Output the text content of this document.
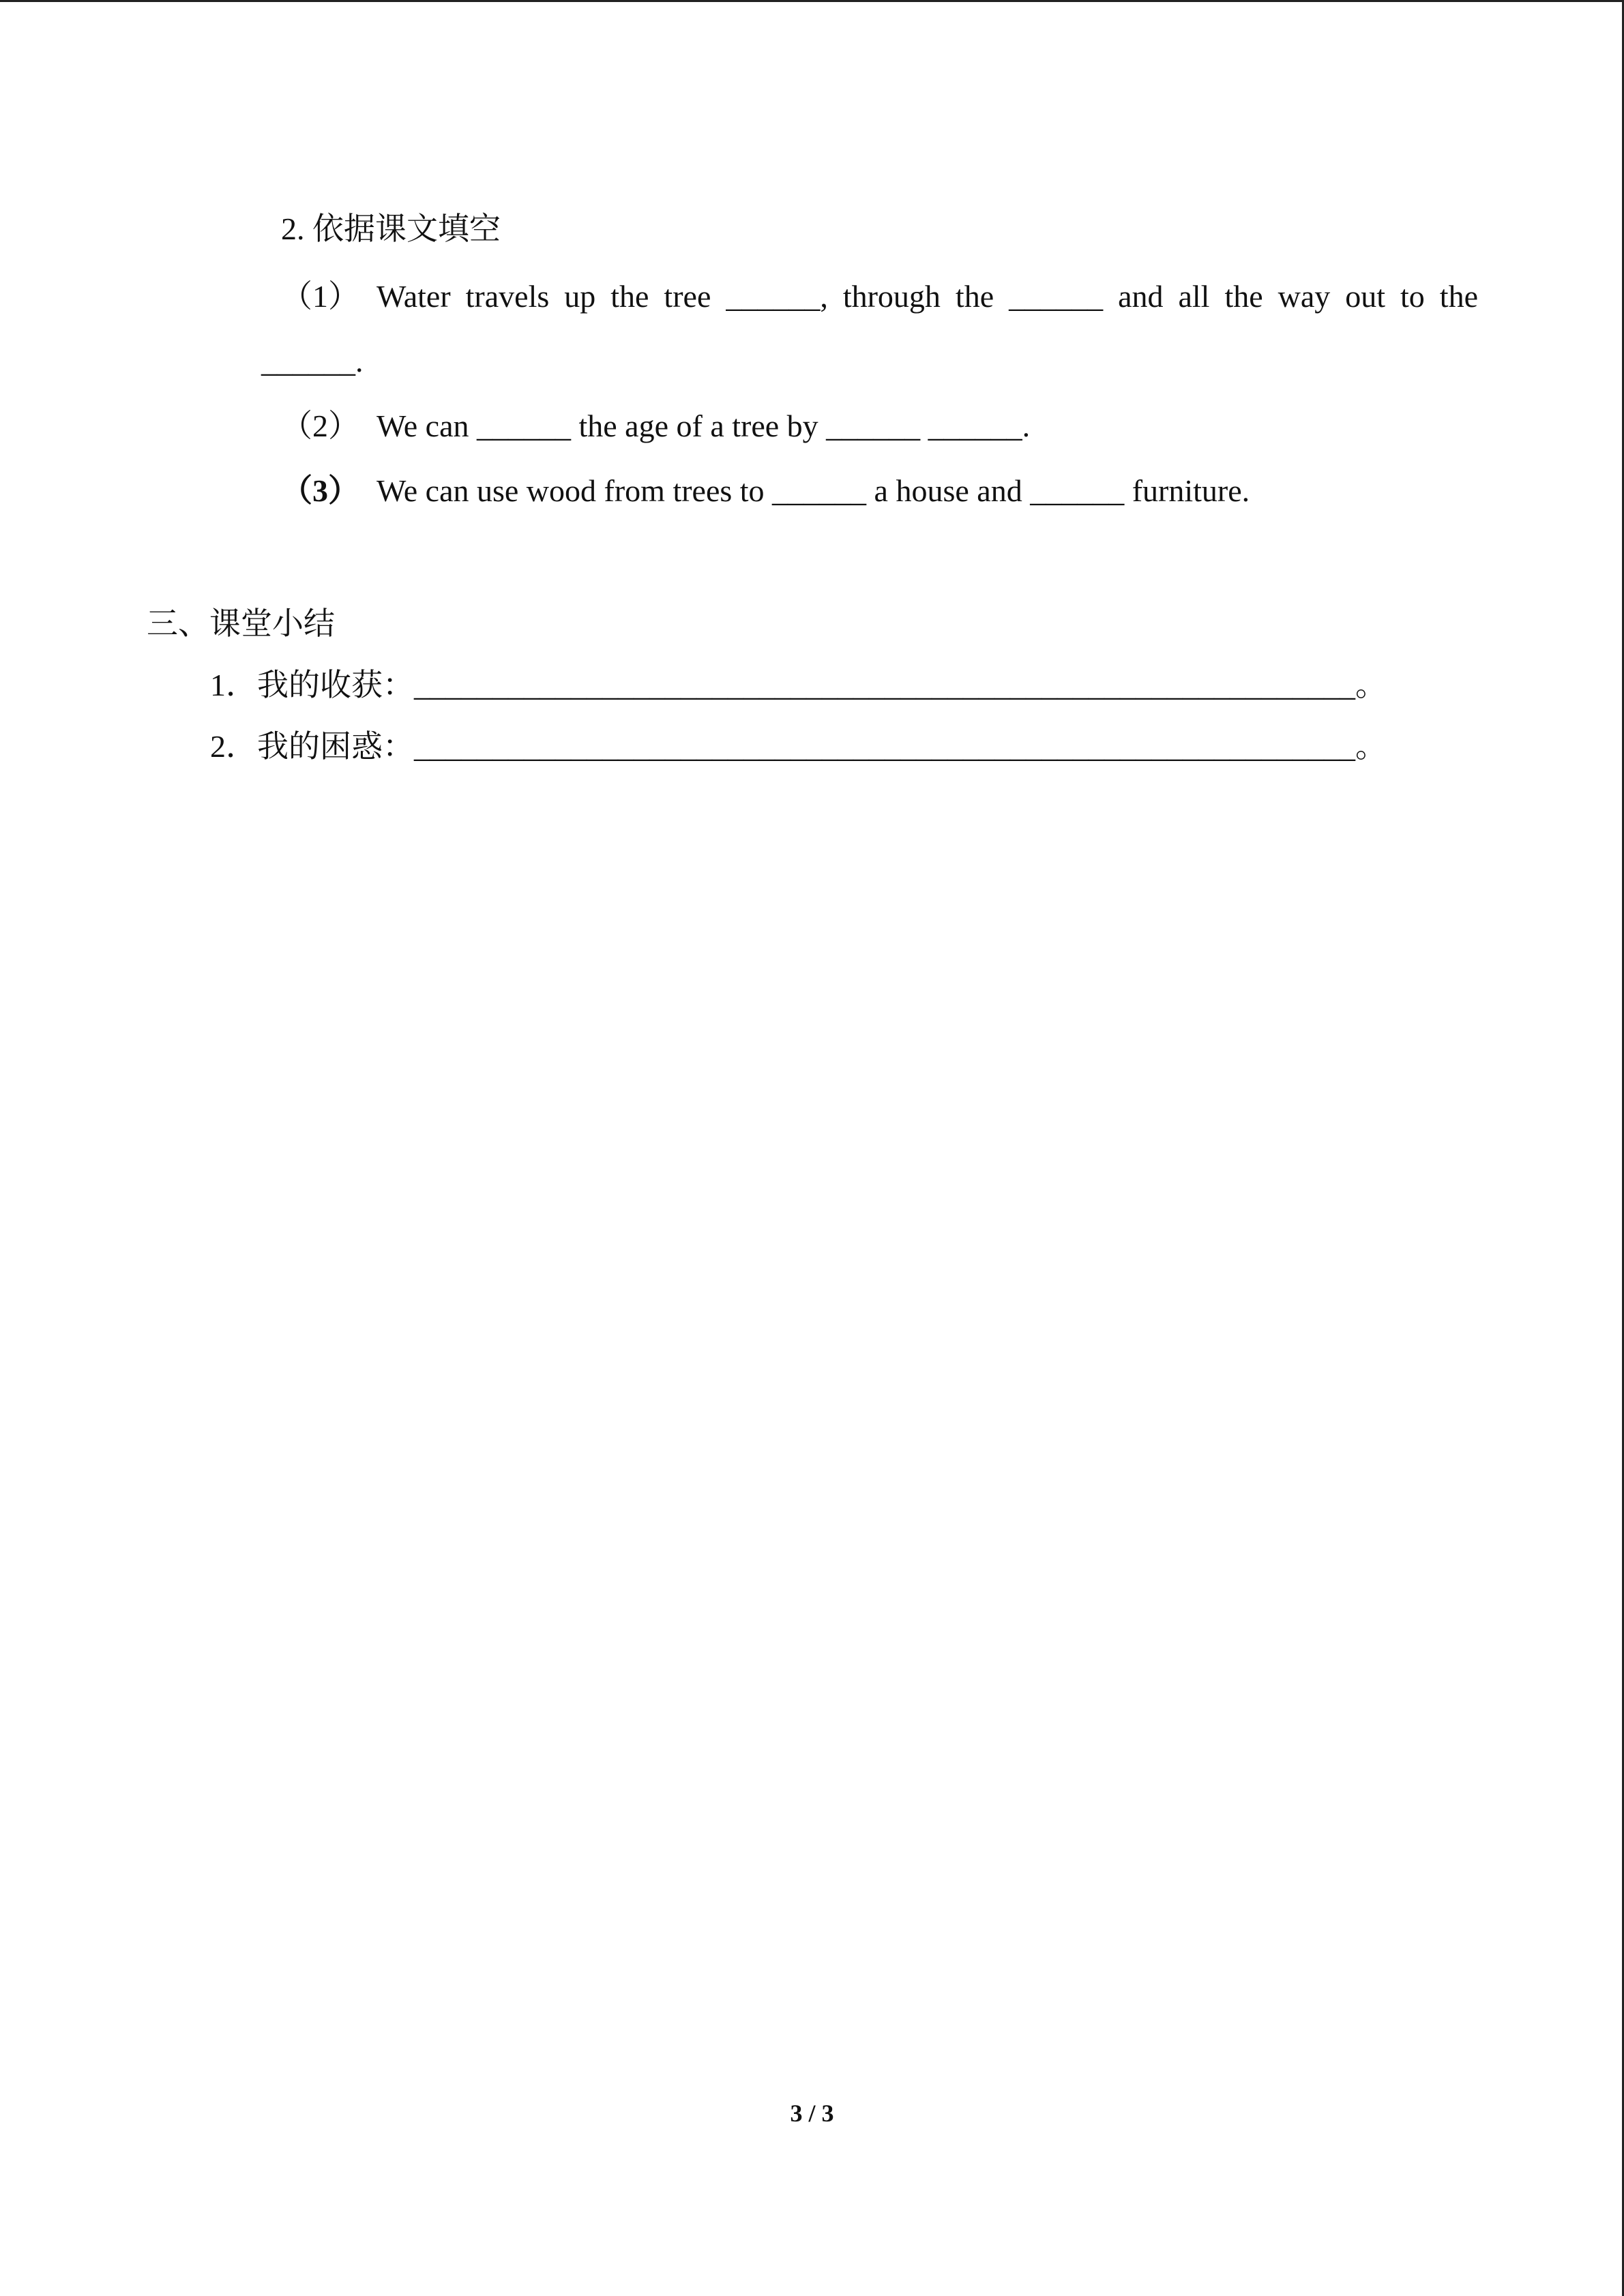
2. 依据课文填空
（1） Water travels up the tree ______, through the ______ and all the way out to the
______.
（2） We can ______ the age of a tree by ______ ______.
（3） We can use wood from trees to ______ a house and ______ furniture.
三、课堂小结
1．我的收获：____________________________________________________________。
2．我的困惑：____________________________________________________________。
3 / 3
